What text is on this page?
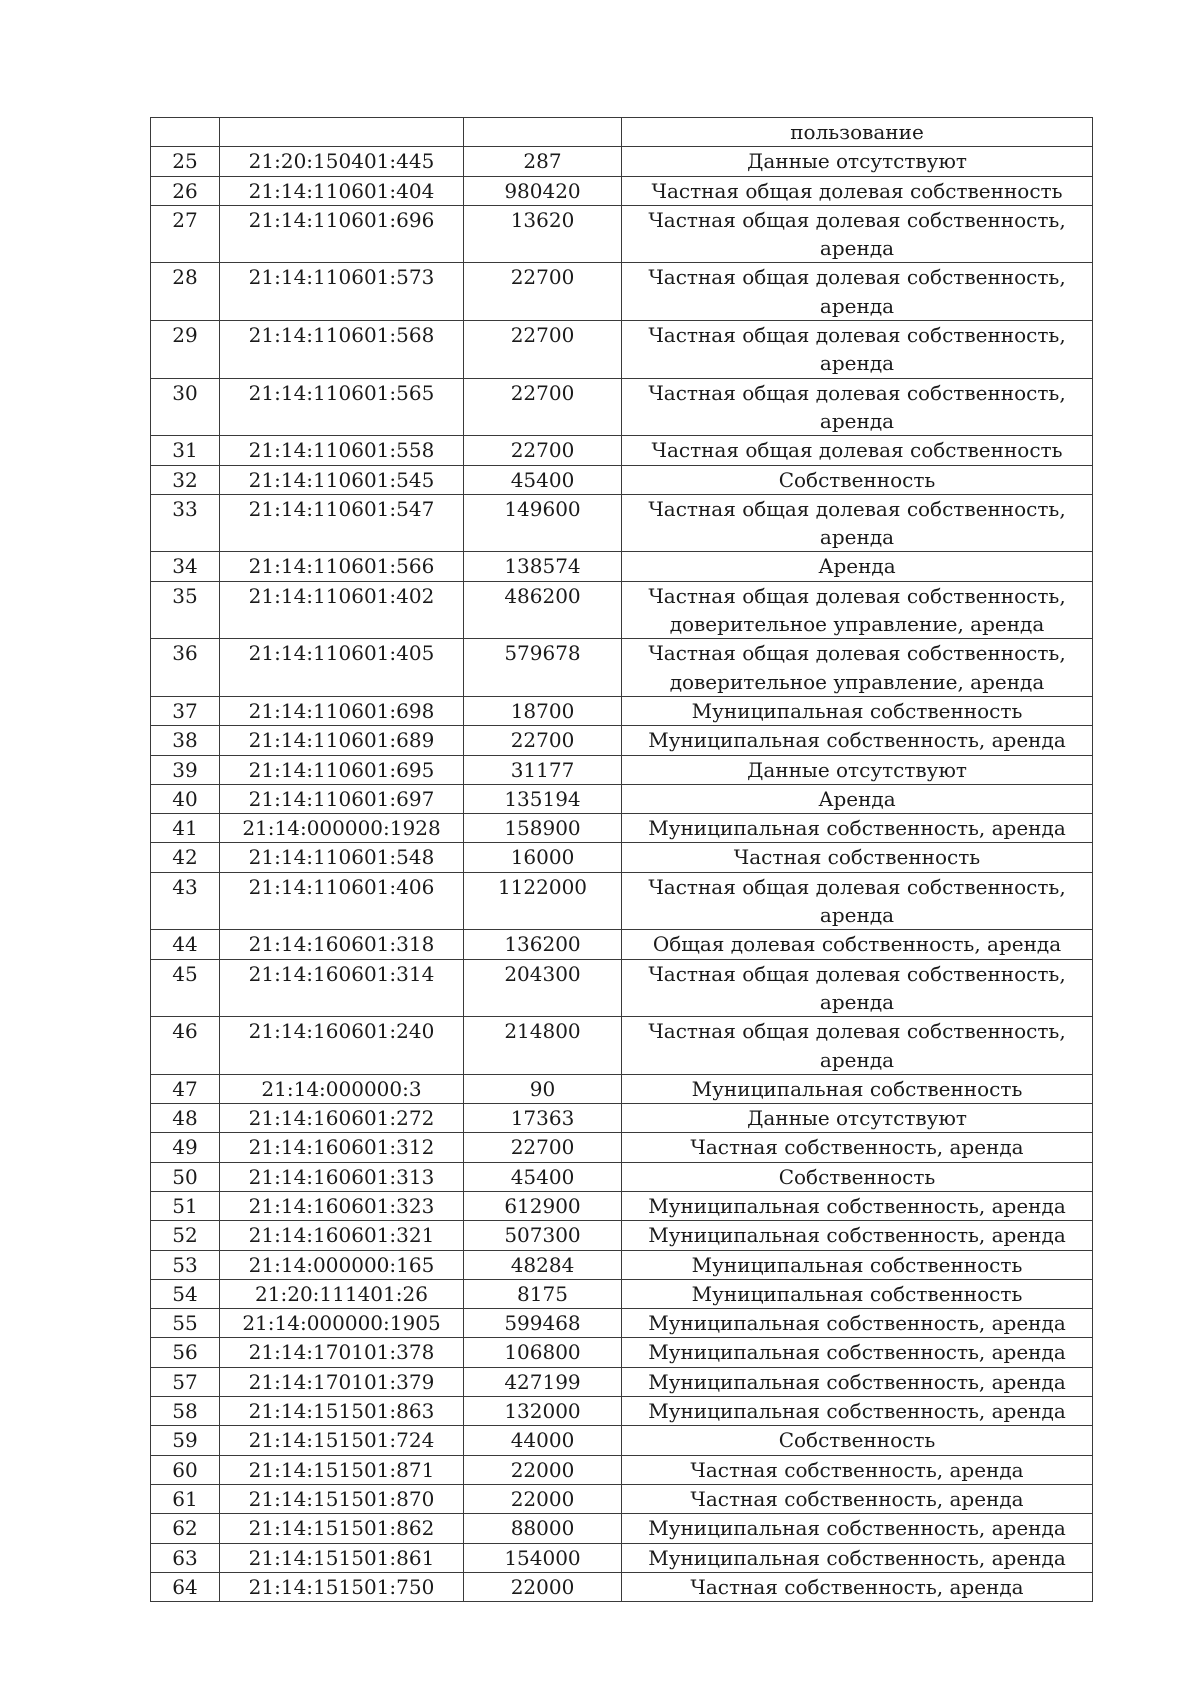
			пользование
25	21:20:150401:445	287	Данные отсутствуют
26	21:14:110601:404	980420	Частная общая долевая собственность
27	21:14:110601:696	13620	Частная общая долевая собственность, аренда
28	21:14:110601:573	22700	Частная общая долевая собственность, аренда
29	21:14:110601:568	22700	Частная общая долевая собственность, аренда
30	21:14:110601:565	22700	Частная общая долевая собственность, аренда
31	21:14:110601:558	22700	Частная общая долевая собственность
32	21:14:110601:545	45400	Собственность
33	21:14:110601:547	149600	Частная общая долевая собственность, аренда
34	21:14:110601:566	138574	Аренда
35	21:14:110601:402	486200	Частная общая долевая собственность, доверительное управление, аренда
36	21:14:110601:405	579678	Частная общая долевая собственность, доверительное управление, аренда
37	21:14:110601:698	18700	Муниципальная собственность
38	21:14:110601:689	22700	Муниципальная собственность, аренда
39	21:14:110601:695	31177	Данные отсутствуют
40	21:14:110601:697	135194	Аренда
41	21:14:000000:1928	158900	Муниципальная собственность, аренда
42	21:14:110601:548	16000	Частная собственность
43	21:14:110601:406	1122000	Частная общая долевая собственность, аренда
44	21:14:160601:318	136200	Общая долевая собственность, аренда
45	21:14:160601:314	204300	Частная общая долевая собственность, аренда
46	21:14:160601:240	214800	Частная общая долевая собственность, аренда
47	21:14:000000:3	90	Муниципальная собственность
48	21:14:160601:272	17363	Данные отсутствуют
49	21:14:160601:312	22700	Частная собственность, аренда
50	21:14:160601:313	45400	Собственность
51	21:14:160601:323	612900	Муниципальная собственность, аренда
52	21:14:160601:321	507300	Муниципальная собственность, аренда
53	21:14:000000:165	48284	Муниципальная собственность
54	21:20:111401:26	8175	Муниципальная собственность
55	21:14:000000:1905	599468	Муниципальная собственность, аренда
56	21:14:170101:378	106800	Муниципальная собственность, аренда
57	21:14:170101:379	427199	Муниципальная собственность, аренда
58	21:14:151501:863	132000	Муниципальная собственность, аренда
59	21:14:151501:724	44000	Собственность
60	21:14:151501:871	22000	Частная собственность, аренда
61	21:14:151501:870	22000	Частная собственность, аренда
62	21:14:151501:862	88000	Муниципальная собственность, аренда
63	21:14:151501:861	154000	Муниципальная собственность, аренда
64	21:14:151501:750	22000	Частная собственность, аренда
